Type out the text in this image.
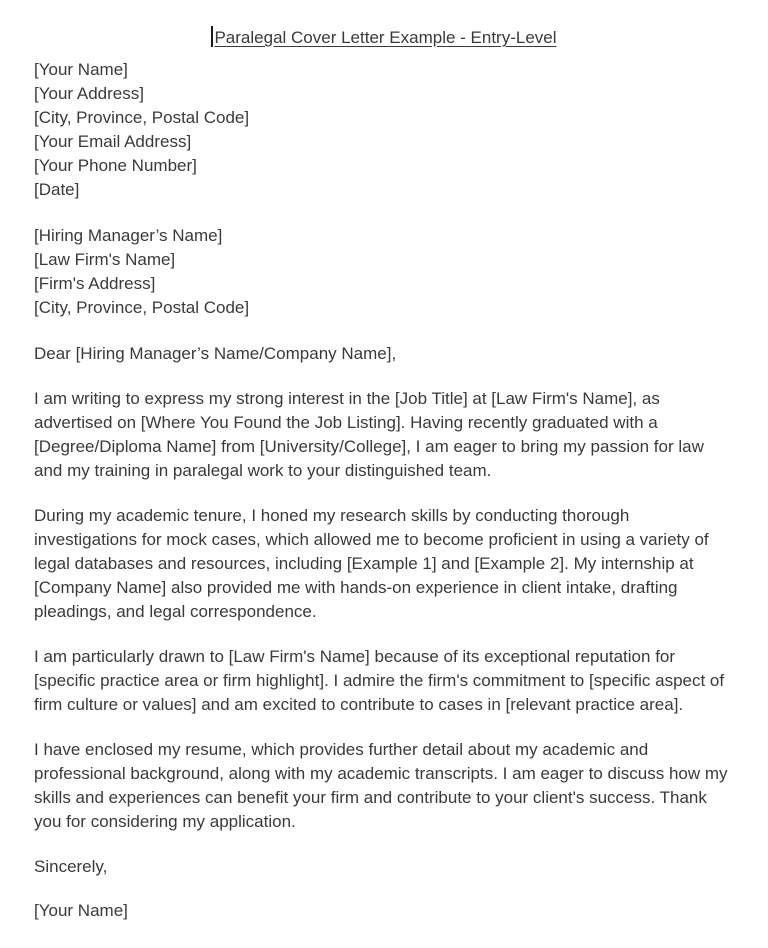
Paralegal Cover Letter Example - Entry-Level

[Your Name]

[Your Address]

[City, Province, Postal Code]

[Your Email Address]

[Your Phone Number]

[Date]

[Hiring Manager’s Name]

[Law Firm's Name]

[Firm's Address]

[City, Province, Postal Code]

Dear [Hiring Manager’s Name/Company Name],

I am writing to express my strong interest in the [Job Title] at [Law Firm's Name], as advertised on [Where You Found the Job Listing]. Having recently graduated with a [Degree/Diploma Name] from [University/College], I am eager to bring my passion for law and my training in paralegal work to your distinguished team.

During my academic tenure, I honed my research skills by conducting thorough investigations for mock cases, which allowed me to become proficient in using a variety of legal databases and resources, including [Example 1] and [Example 2]. My internship at [Company Name] also provided me with hands-on experience in client intake, drafting pleadings, and legal correspondence.

I am particularly drawn to [Law Firm's Name] because of its exceptional reputation for [specific practice area or firm highlight]. I admire the firm's commitment to [specific aspect of firm culture or values] and am excited to contribute to cases in [relevant practice area].

I have enclosed my resume, which provides further detail about my academic and professional background, along with my academic transcripts. I am eager to discuss how my skills and experiences can benefit your firm and contribute to your client's success. Thank you for considering my application.

Sincerely,

[Your Name]
